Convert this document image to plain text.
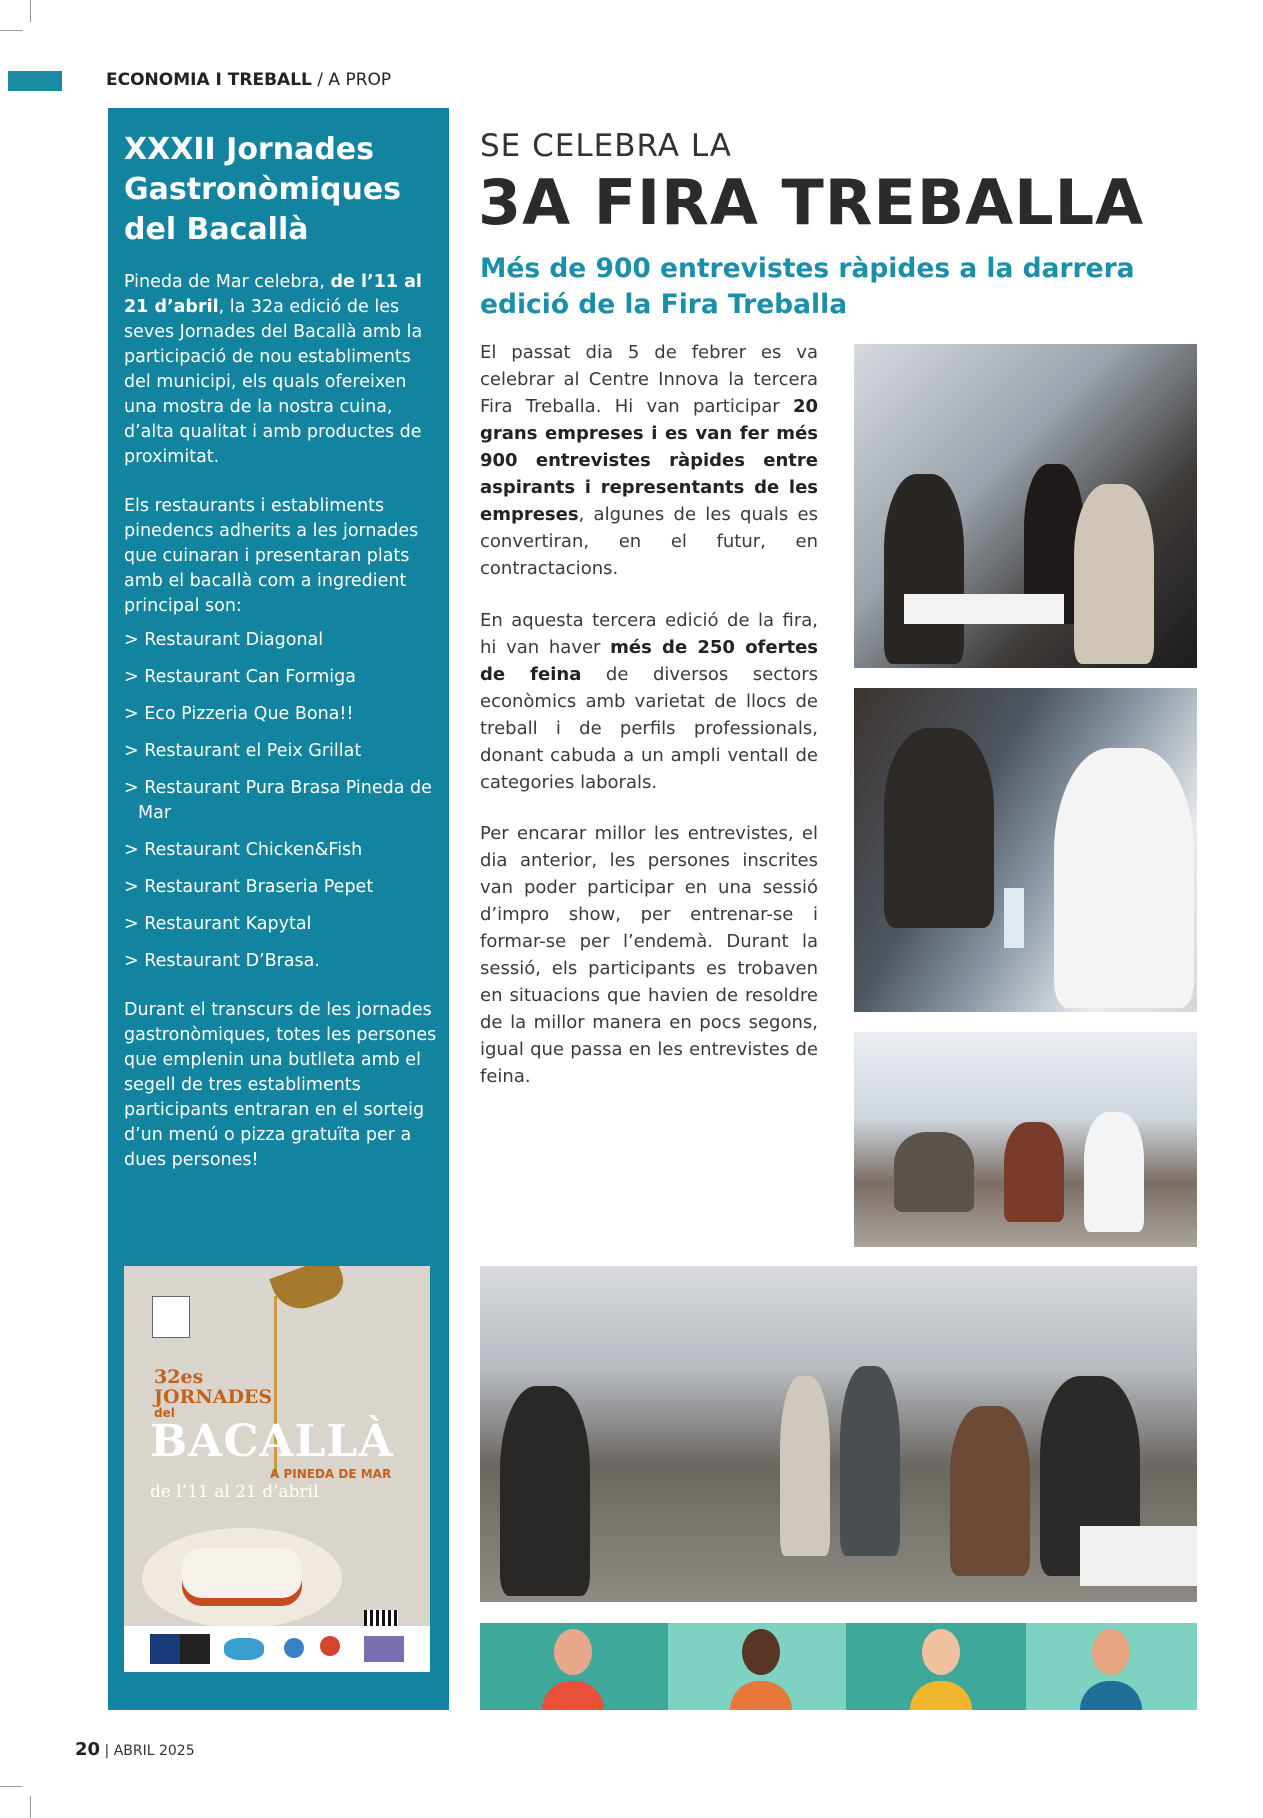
ECONOMIA I TREBALL / A PROP
XXXII Jornades Gastronòmiques del Bacallà
Pineda de Mar celebra, de l’11 al 21 d’abril, la 32a edició de les seves Jornades del Bacallà amb la participació de nou establiments del municipi, els quals ofereixen una mostra de la nostra cuina, d’alta qualitat i amb productes de proximitat.
Els restaurants i establiments pinedencs adherits a les jornades que cuinaran i presentaran plats amb el bacallà com a ingredient principal son:
> Restaurant Diagonal
> Restaurant Can Formiga
> Eco Pizzeria Que Bona!!
> Restaurant el Peix Grillat
> Restaurant Pura Brasa Pineda de Mar
> Restaurant Chicken&Fish
> Restaurant Braseria Pepet
> Restaurant Kapytal
> Restaurant D’Brasa.
Durant el transcurs de les jornades gastronòmiques, totes les persones que emplenin una butlleta amb el segell de tres establiments participants entraran en el sorteig d’un menú o pizza gratuïta per a dues persones!
32es
JORNADES
del
BACALLÀ
A PINEDA DE MAR
de l’11 al 21 d’abril
SE CELEBRA LA
3A FIRA TREBALLA
Més de 900 entrevistes ràpides a la darrera edició de la Fira Treballa
El passat dia 5 de febrer es va celebrar al Centre Innova la tercera Fira Treballa. Hi van participar 20 grans empreses i es van fer més 900 entrevistes ràpides entre aspirants i representants de les empreses, algunes de les quals es convertiran, en el futur, en contractacions.
En aquesta tercera edició de la fira, hi van haver més de 250 ofertes de feina de diversos sectors econòmics amb varietat de llocs de treball i de perfils professionals, donant cabuda a un ampli ventall de categories laborals.
Per encarar millor les entrevistes, el dia anterior, les persones inscrites van poder participar en una sessió d’impro show, per entrenar-se i formar-se per l’endemà. Durant la sessió, els participants es trobaven en situacions que havien de resoldre de la millor manera en pocs segons, igual que passa en les entrevistes de feina.
20 | ABRIL 2025
